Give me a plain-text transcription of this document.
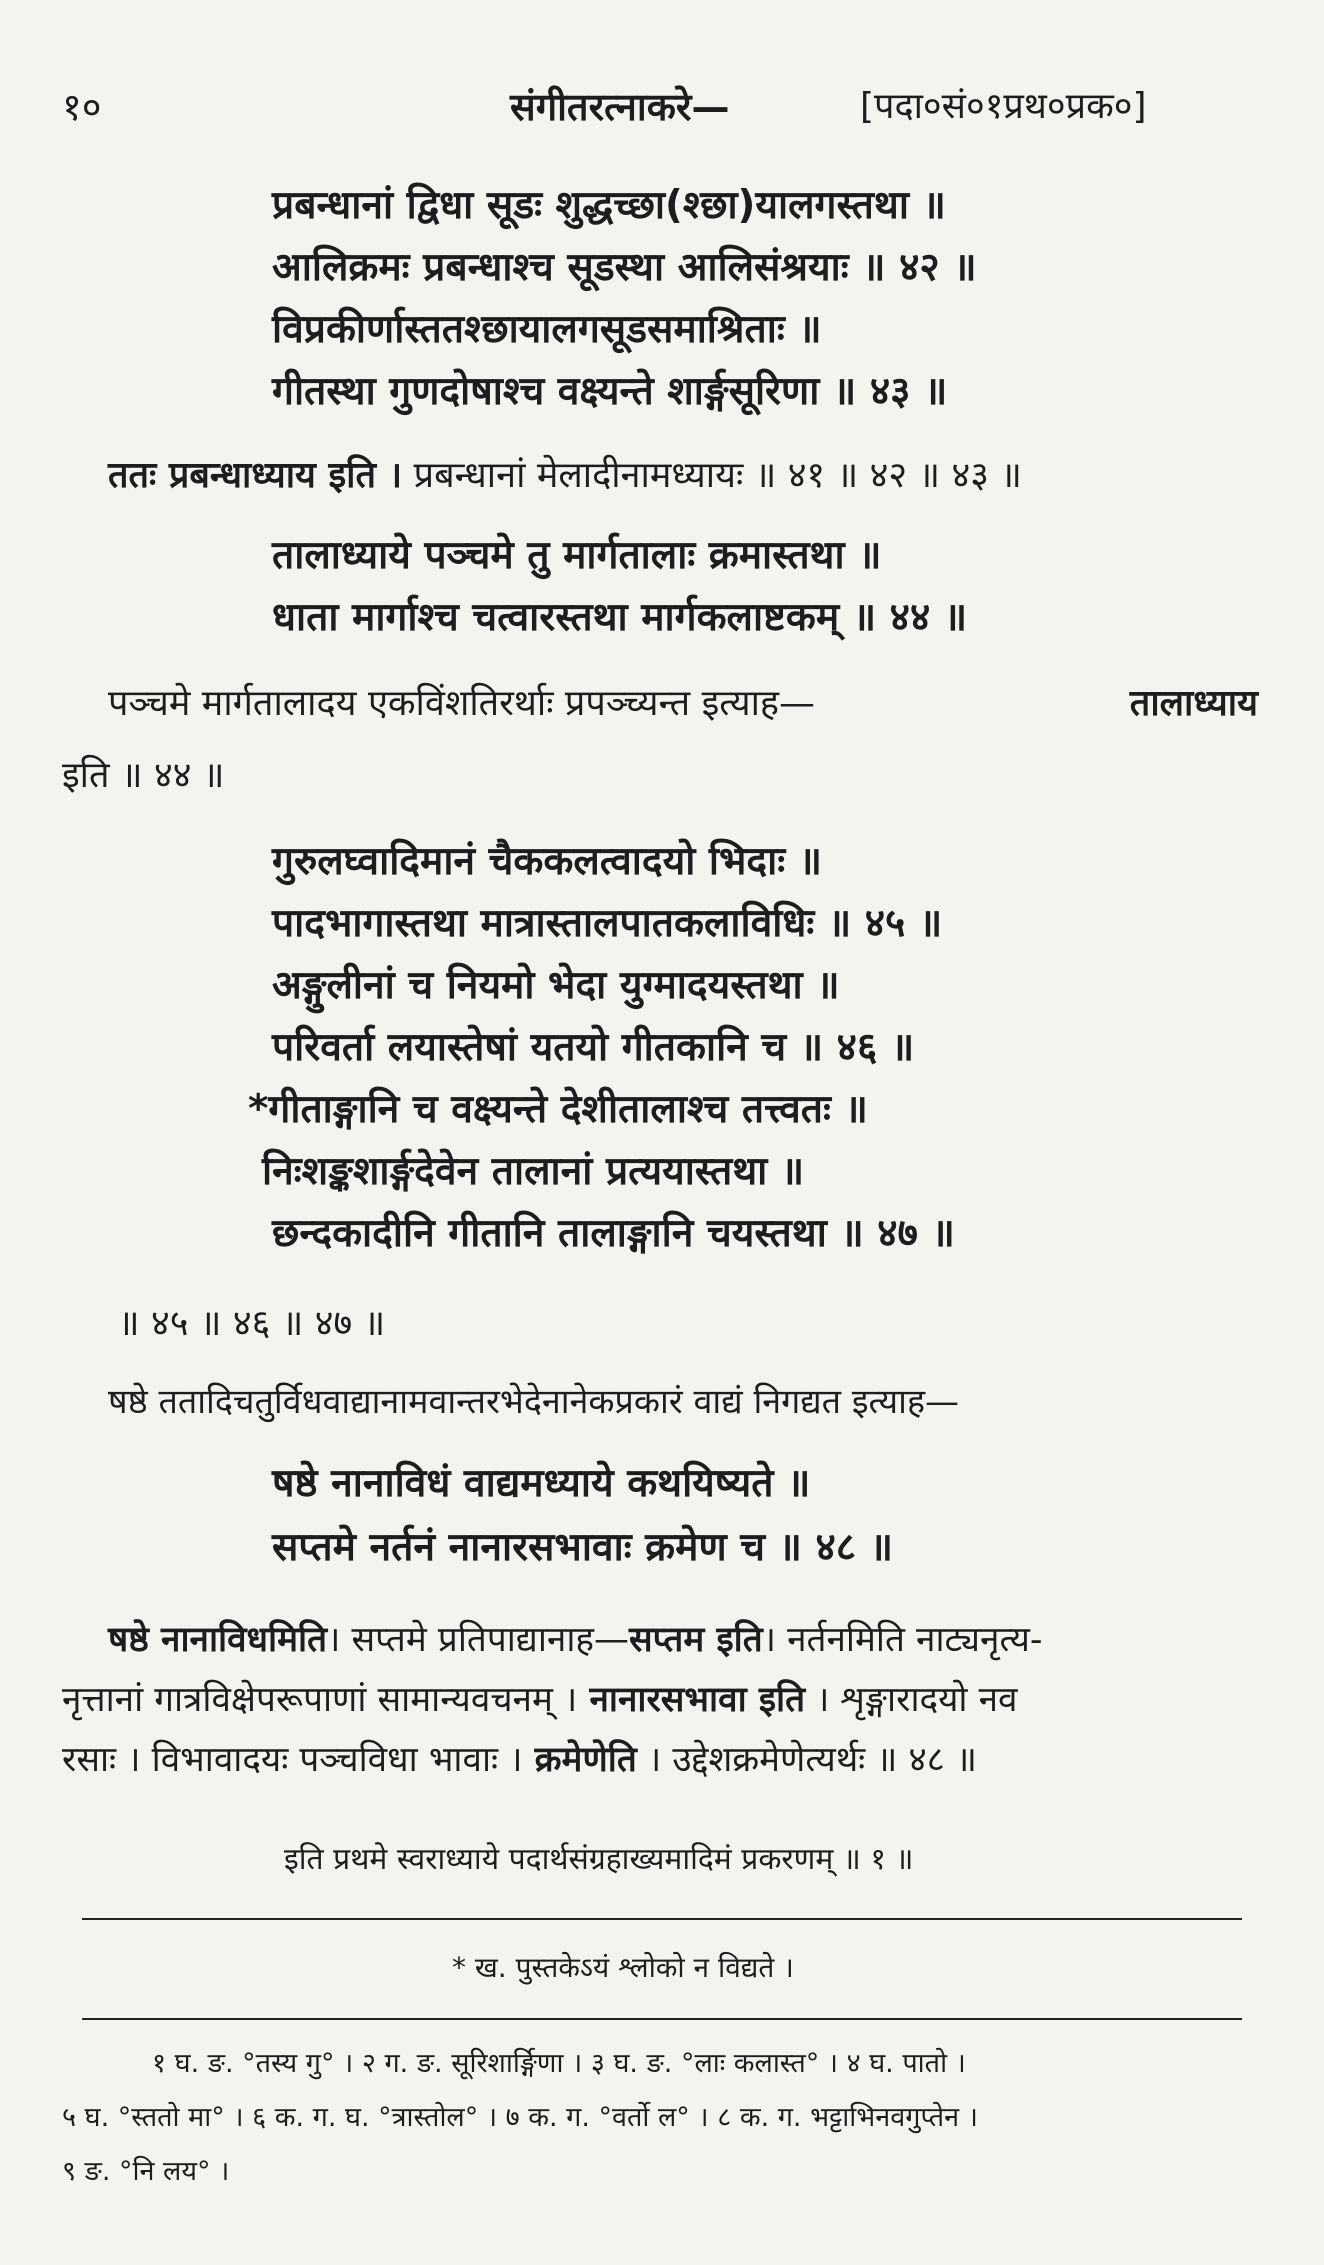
१०	संगीतरत्नाकरे—	[पदा०सं०१प्रथ०प्रक०]
प्रबन्धानां द्विधा सूडः शुद्धच्छा(श्छा)यालगस्तथा ॥
आलिक्रमः प्रबन्धाश्च सूडस्था आलिसंश्रयाः ॥ ४२ ॥
विप्रकीर्णास्ततश्छायालगसूडसमाश्रिताः ॥
गीतस्था गुणदोषाश्च वक्ष्यन्ते शार्ङ्गसूरिणा ॥ ४३ ॥
ततः प्रबन्धाध्याय इति । प्रबन्धानां मेलादीनामध्यायः ॥ ४१ ॥ ४२ ॥ ४३ ॥
तालाध्याये पञ्चमे तु मार्गतालाः क्रमास्तथा ॥
धाता मार्गाश्च चत्वारस्तथा मार्गकलाष्टकम् ॥ ४४ ॥
पञ्चमे मार्गतालादय एकविंशतिरर्थाः प्रपञ्च्यन्त इत्याह—	तालाध्याय
इति ॥ ४४ ॥
गुरुलघ्वादिमानं चैककलत्वादयो भिदाः ॥
पादभागास्तथा मात्रास्तालपातकलाविधिः ॥ ४५ ॥
अङ्गुलीनां च नियमो भेदा युग्मादयस्तथा ॥
परिवर्ता लयास्तेषां यतयो गीतकानि च ॥ ४६ ॥
*गीताङ्गानि च वक्ष्यन्ते देशीतालाश्च तत्त्वतः ॥
निःशङ्कशार्ङ्गदेवेन तालानां प्रत्ययास्तथा ॥
छन्दकादीनि गीतानि तालाङ्गानि चयस्तथा ॥ ४७ ॥
॥ ४५ ॥ ४६ ॥ ४७ ॥
षष्ठे ततादिचतुर्विधवाद्यानामवान्तरभेदेनानेकप्रकारं वाद्यं निगद्यत इत्याह—
षष्ठे नानाविधं वाद्यमध्याये कथयिष्यते ॥
सप्तमे नर्तनं नानारसभावाः क्रमेण च ॥ ४८ ॥
षष्ठे नानाविधमिति। सप्तमे प्रतिपाद्यानाह—सप्तम इति। नर्तनमिति नाट्यनृत्य-
नृत्तानां गात्रविक्षेपरूपाणां सामान्यवचनम् । नानारसभावा इति । शृङ्गारादयो नव
रसाः । विभावादयः पञ्चविधा भावाः । क्रमेणेति । उद्देशक्रमेणेत्यर्थः ॥ ४८ ॥
इति प्रथमे स्वराध्याये पदार्थसंग्रहाख्यमादिमं प्रकरणम् ॥ १ ॥
* ख. पुस्तकेऽयं श्लोको न विद्यते ।
१ घ. ङ. °तस्य गु° । २ ग. ङ. सूरिशार्ङ्गिणा । ३ घ. ङ. °लाः कलास्त° । ४ घ. पातो ।
५ घ. °स्ततो मा° । ६ क. ग. घ. °त्रास्तोल° । ७ क. ग. °वर्तो ल° । ८ क. ग. भट्टाभिनवगुप्तेन ।
९ ङ. °नि लय° ।
